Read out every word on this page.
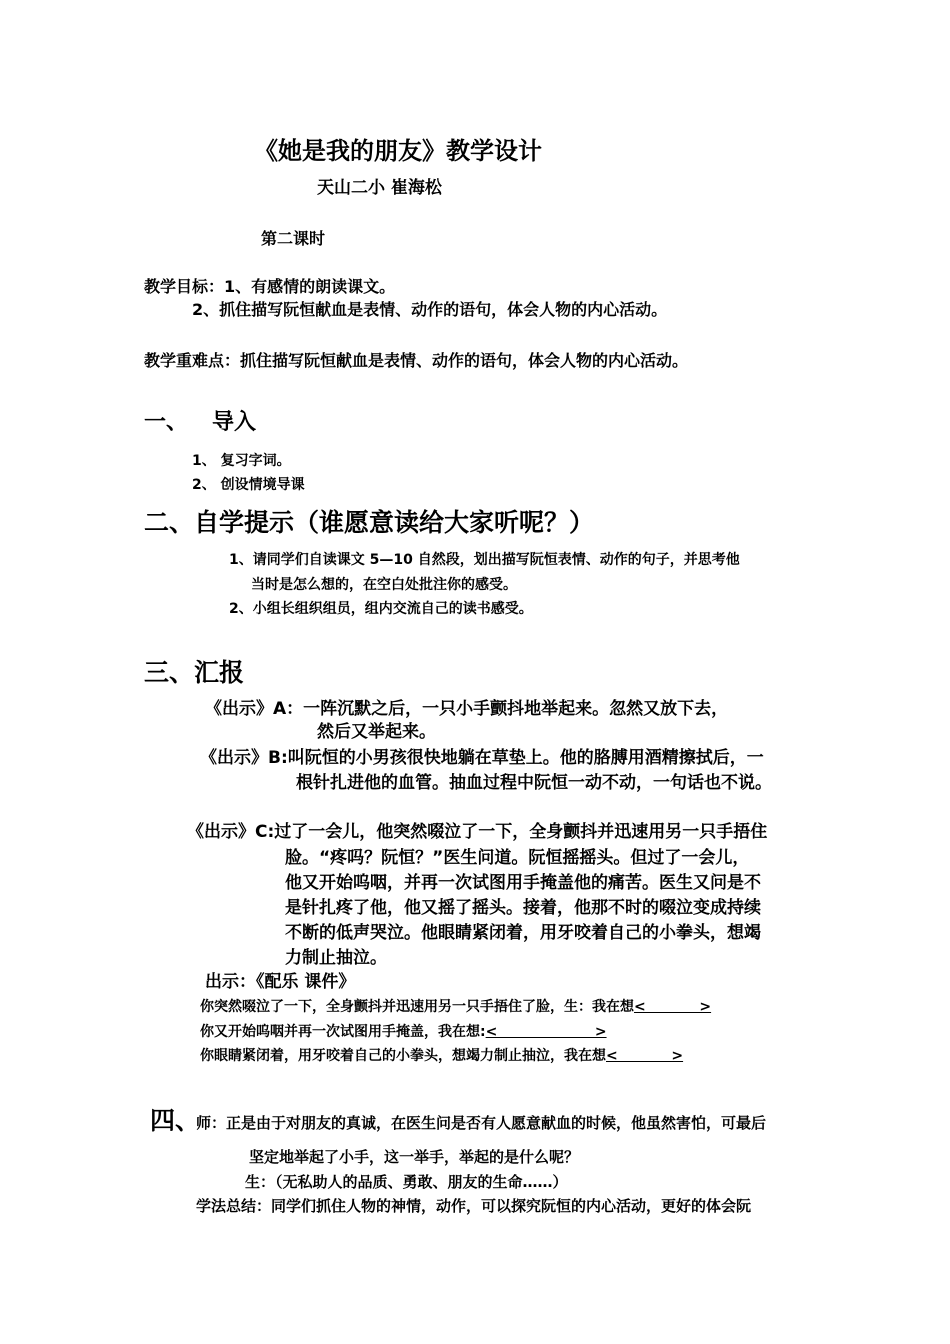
《她是我的朋友》教学设计
天山二小 崔海松
第二课时
教学目标：1、有感情的朗读课文。
2、抓住描写阮恒献血是表情、动作的语句，体会人物的内心活动。
教学重难点：抓住描写阮恒献血是表情、动作的语句，体会人物的内心活动。
一、 导入
1、 复习字词。
2、 创设情境导课
二、自学提示（谁愿意读给大家听呢？）
1、请同学们自读课文 5—10 自然段，划出描写阮恒表情、动作的句子，并思考他
当时是怎么想的，在空白处批注你的感受。
2、小组长组织组员，组内交流自己的读书感受。
三、汇报
《出示》A：一阵沉默之后，一只小手颤抖地举起来。忽然又放下去，
然后又举起来。
《出示》B:叫阮恒的小男孩很快地躺在草垫上。他的胳膊用酒精擦拭后，一
根针扎进他的血管。抽血过程中阮恒一动不动，一句话也不说。
《出示》C:过了一会儿，他突然啜泣了一下，全身颤抖并迅速用另一只手捂住
脸。“疼吗？阮恒？”医生问道。阮恒摇摇头。但过了一会儿，
他又开始呜咽，并再一次试图用手掩盖他的痛苦。医生又问是不
是针扎疼了他，他又摇了摇头。接着，他那不时的啜泣变成持续
不断的低声哭泣。他眼睛紧闭着，用牙咬着自己的小拳头，想竭
力制止抽泣。
出示：《配乐 课件》
你突然啜泣了一下，全身颤抖并迅速用另一只手捂住了脸，生：我在想<           >
你又开始呜咽并再一次试图用手掩盖，我在想:<                    >
你眼睛紧闭着，用牙咬着自己的小拳头，想竭力制止抽泣，我在想<           >
四、
师：正是由于对朋友的真诚，在医生问是否有人愿意献血的时候，他虽然害怕，可最后
坚定地举起了小手，这一举手，举起的是什么呢？
生：（无私助人的品质、勇敢、朋友的生命……）
学法总结：同学们抓住人物的神情，动作，可以探究阮恒的内心活动，更好的体会阮
